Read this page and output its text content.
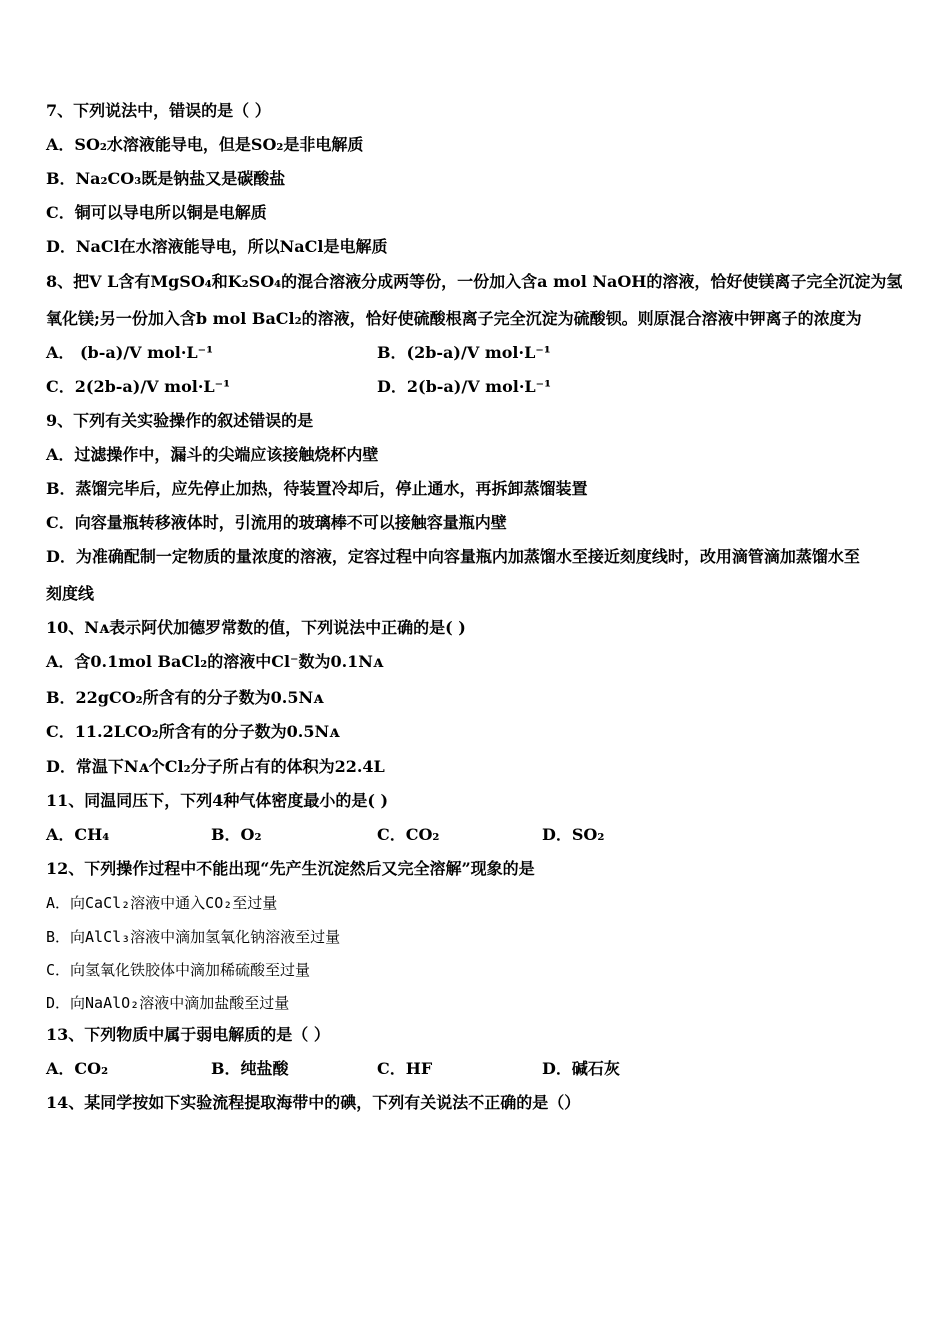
7、下列说法中，错误的是（ ）
A．SO₂水溶液能导电，但是SO₂是非电解质
B．Na₂CO₃既是钠盐又是碳酸盐
C．铜可以导电所以铜是电解质
D．NaCl在水溶液能导电，所以NaCl是电解质
8、把V L含有MgSO₄和K₂SO₄的混合溶液分成两等份，一份加入含a mol NaOH的溶液，恰好使镁离子完全沉淀为氢
氧化镁;另一份加入含b mol BaCl₂的溶液，恰好使硫酸根离子完全沉淀为硫酸钡。则原混合溶液中钾离子的浓度为
A． (b-a)/V mol·L⁻¹	B．(2b-a)/V mol·L⁻¹
C．2(2b-a)/V mol·L⁻¹	D．2(b-a)/V mol·L⁻¹
9、下列有关实验操作的叙述错误的是
A．过滤操作中，漏斗的尖端应该接触烧杯内壁
B．蒸馏完毕后，应先停止加热，待装置冷却后，停止通水，再拆卸蒸馏装置
C．向容量瓶转移液体时，引流用的玻璃棒不可以接触容量瓶内壁
D．为准确配制一定物质的量浓度的溶液，定容过程中向容量瓶内加蒸馏水至接近刻度线时，改用滴管滴加蒸馏水至
刻度线
10、Nᴀ表示阿伏加德罗常数的值，下列说法中正确的是( )
A．含0.1mol BaCl₂的溶液中Cl⁻数为0.1Nᴀ
B．22gCO₂所含有的分子数为0.5Nᴀ
C．11.2LCO₂所含有的分子数为0.5Nᴀ
D．常温下Nᴀ个Cl₂分子所占有的体积为22.4L
11、同温同压下，下列4种气体密度最小的是( )
A．CH₄	B．O₂	C．CO₂	D．SO₂
12、下列操作过程中不能出现“先产生沉淀然后又完全溶解”现象的是
A．向CaCl₂溶液中通入CO₂至过量
B．向AlCl₃溶液中滴加氢氧化钠溶液至过量
C．向氢氧化铁胶体中滴加稀硫酸至过量
D．向NaAlO₂溶液中滴加盐酸至过量
13、下列物质中属于弱电解质的是（ ）
A．CO₂	B．纯盐酸	C．HF	D．碱石灰
14、某同学按如下实验流程提取海带中的碘，下列有关说法不正确的是（）
